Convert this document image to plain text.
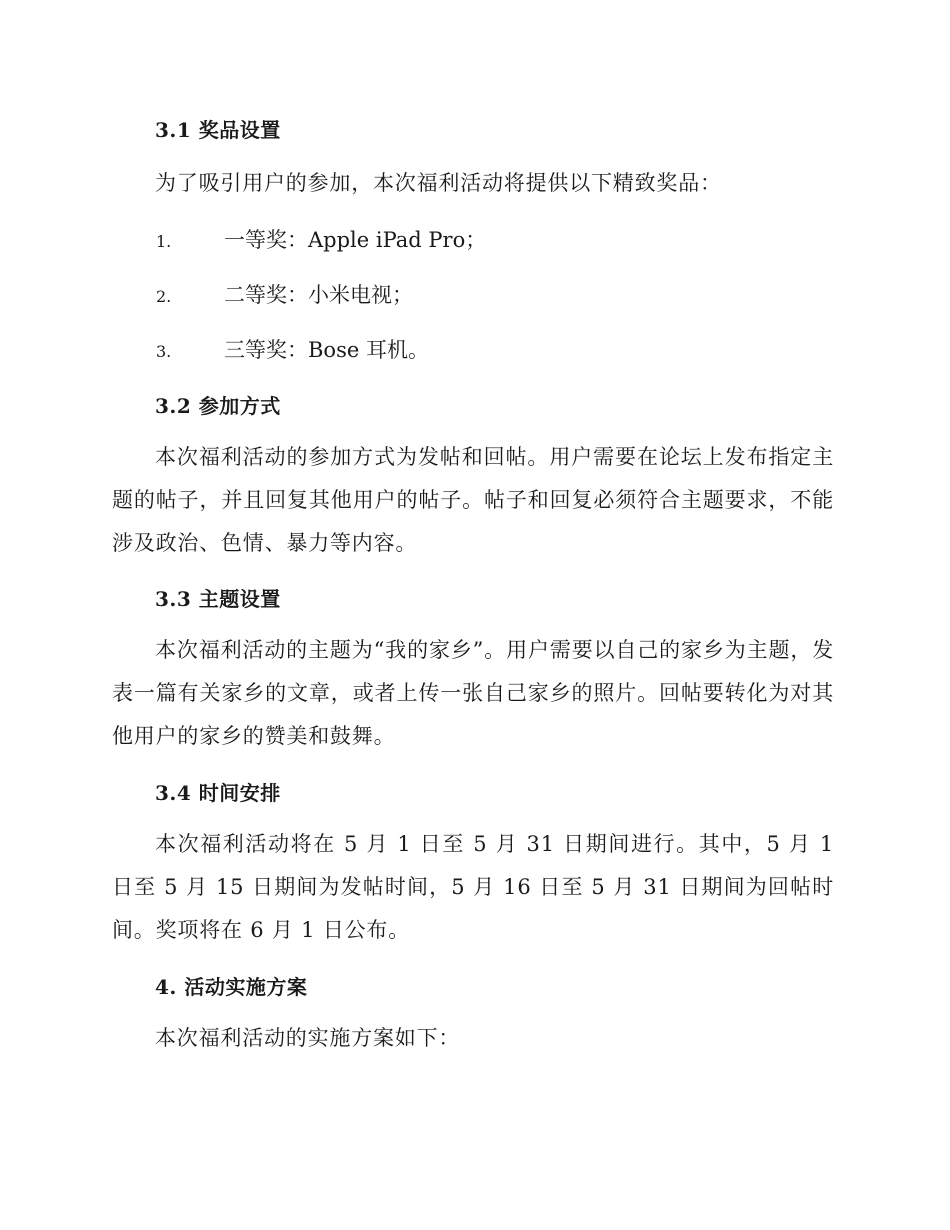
3.1 奖品设置
为了吸引用户的参加，本次福利活动将提供以下精致奖品：
1.	一等奖：Apple iPad Pro；
2.	二等奖：小米电视；
3.	三等奖：Bose 耳机。
3.2 参加方式
本次福利活动的参加方式为发帖和回帖。用户需要在论坛上发布指定主题的帖子，并且回复其他用户的帖子。帖子和回复必须符合主题要求，不能涉及政治、色情、暴力等内容。
3.3 主题设置
本次福利活动的主题为“我的家乡”。用户需要以自己的家乡为主题，发表一篇有关家乡的文章，或者上传一张自己家乡的照片。回帖要转化为对其他用户的家乡的赞美和鼓舞。
3.4 时间安排
本次福利活动将在 5 月 1 日至 5 月 31 日期间进行。其中，5 月 1 日至 5 月 15 日期间为发帖时间，5 月 16 日至 5 月 31 日期间为回帖时间。奖项将在 6 月 1 日公布。
4. 活动实施方案
本次福利活动的实施方案如下：
